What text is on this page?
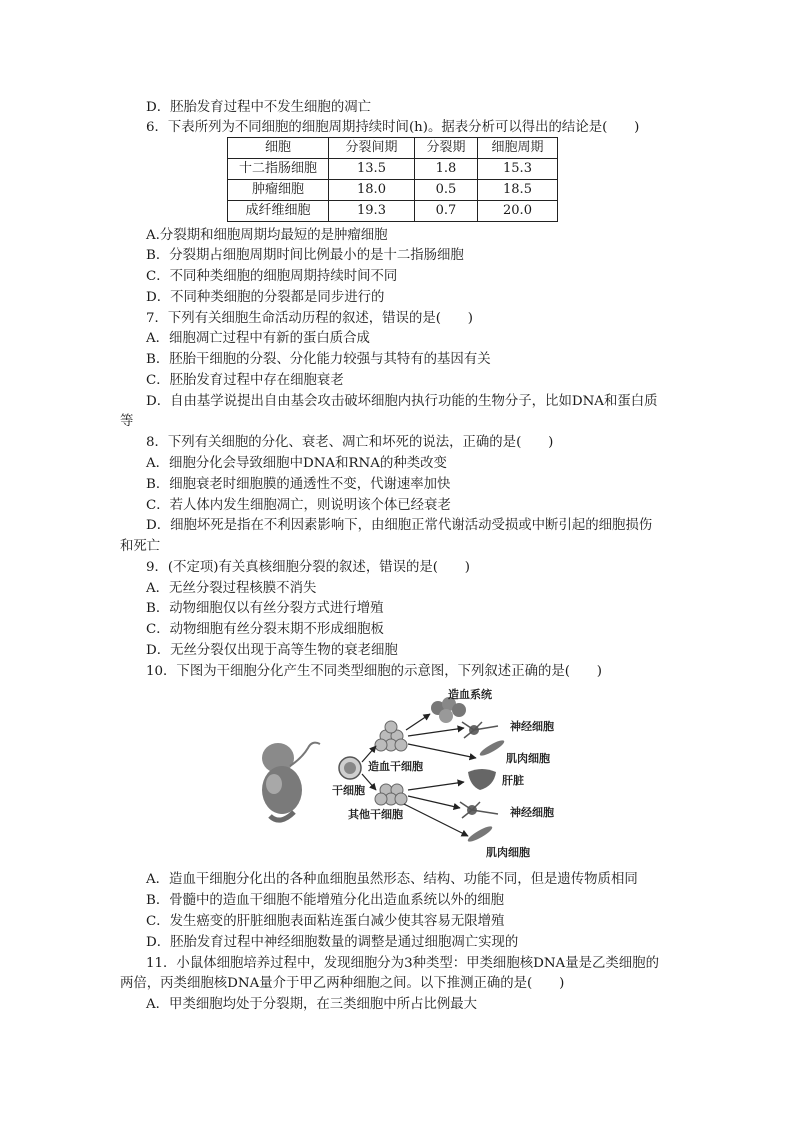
D．胚胎发育过程中不发生细胞的凋亡
6．下表所列为不同细胞的细胞周期持续时间(h)。据表分析可以得出的结论是(　　)
细胞	分裂间期	分裂期	细胞周期
十二指肠细胞	13.5	1.8	15.3
肿瘤细胞	18.0	0.5	18.5
成纤维细胞	19.3	0.7	20.0
A.分裂期和细胞周期均最短的是肿瘤细胞
B．分裂期占细胞周期时间比例最小的是十二指肠细胞
C．不同种类细胞的细胞周期持续时间不同
D．不同种类细胞的分裂都是同步进行的
7．下列有关细胞生命活动历程的叙述，错误的是(　　)
A．细胞凋亡过程中有新的蛋白质合成
B．胚胎干细胞的分裂、分化能力较强与其特有的基因有关
C．胚胎发育过程中存在细胞衰老
D．自由基学说提出自由基会攻击破坏细胞内执行功能的生物分子，比如DNA和蛋白质
等
8．下列有关细胞的分化、衰老、凋亡和坏死的说法，正确的是(　　)
A．细胞分化会导致细胞中DNA和RNA的种类改变
B．细胞衰老时细胞膜的通透性不变，代谢速率加快
C．若人体内发生细胞凋亡，则说明该个体已经衰老
D．细胞坏死是指在不利因素影响下，由细胞正常代谢活动受损或中断引起的细胞损伤
和死亡
9．(不定项)有关真核细胞分裂的叙述，错误的是(　　)
A．无丝分裂过程核膜不消失
B．动物细胞仅以有丝分裂方式进行增殖
C．动物细胞有丝分裂末期不形成细胞板
D．无丝分裂仅出现于高等生物的衰老细胞
10．下图为干细胞分化产生不同类型细胞的示意图，下列叙述正确的是(　　)
干细胞
造血干细胞
其他干细胞
造血系统
神经细胞
肌肉细胞
肝脏
神经细胞
肌肉细胞
A．造血干细胞分化出的各种血细胞虽然形态、结构、功能不同，但是遗传物质相同
B．骨髓中的造血干细胞不能增殖分化出造血系统以外的细胞
C．发生癌变的肝脏细胞表面粘连蛋白减少使其容易无限增殖
D．胚胎发育过程中神经细胞数量的调整是通过细胞凋亡实现的
11．小鼠体细胞培养过程中，发现细胞分为3种类型：甲类细胞核DNA量是乙类细胞的
两倍，丙类细胞核DNA量介于甲乙两种细胞之间。以下推测正确的是(　　)
A．甲类细胞均处于分裂期，在三类细胞中所占比例最大
